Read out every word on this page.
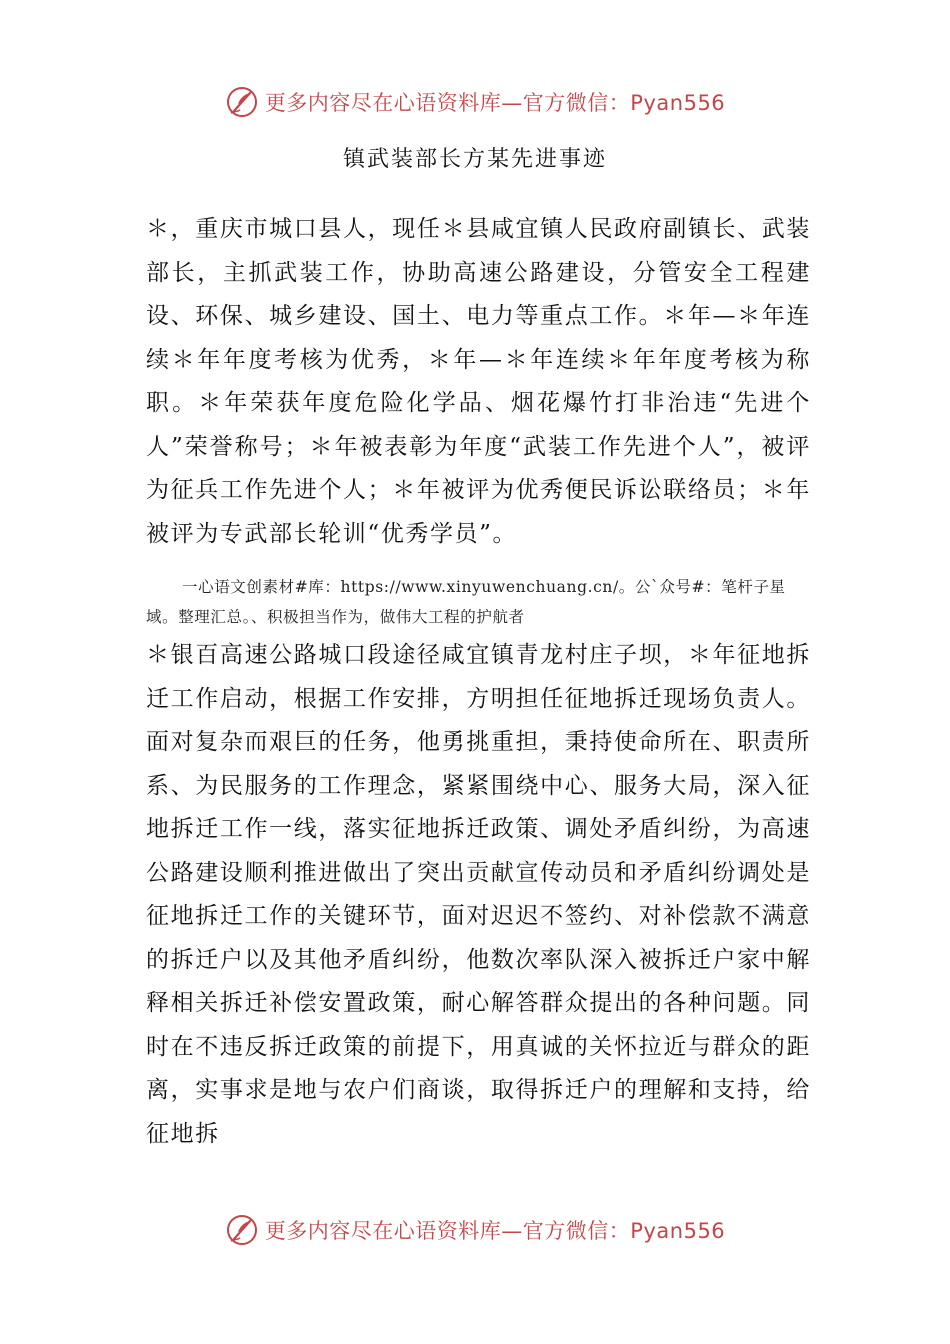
更多内容尽在心语资料库—官方微信：Pyan556
镇武装部长方某先进事迹

＊，重庆市城口县人，现任＊县咸宜镇人民政府副镇长、武装部长，主抓武装工作，协助高速公路建设，分管安全工程建设、环保、城乡建设、国土、电力等重点工作。＊年—＊年连续＊年年度考核为优秀，＊年—＊年连续＊年年度考核为称职。＊年荣获年度危险化学品、烟花爆竹打非治违“先进个人”荣誉称号；＊年被表彰为年度“武装工作先进个人”，被评为征兵工作先进个人；＊年被评为优秀便民诉讼联络员；＊年被评为专武部长轮训“优秀学员”。

一心语文创素材#库：https://www.xinyuwenchuang.cn/。公`众号#：笔杆子星域。整理汇总。、积极担当作为，做伟大工程的护航者

＊银百高速公路城口段途径咸宜镇青龙村庄子坝，＊年征地拆迁工作启动，根据工作安排，方明担任征地拆迁现场负责人。面对复杂而艰巨的任务，他勇挑重担，秉持使命所在、职责所系、为民服务的工作理念，紧紧围绕中心、服务大局，深入征地拆迁工作一线，落实征地拆迁政策、调处矛盾纠纷，为高速公路建设顺利推进做出了突出贡献宣传动员和矛盾纠纷调处是征地拆迁工作的关键环节，面对迟迟不签约、对补偿款不满意的拆迁户以及其他矛盾纠纷，他数次率队深入被拆迁户家中解释相关拆迁补偿安置政策，耐心解答群众提出的各种问题。同时在不违反拆迁政策的前提下，用真诚的关怀拉近与群众的距离，实事求是地与农户们商谈，取得拆迁户的理解和支持，给征地拆

更多内容尽在心语资料库—官方微信：Pyan556
